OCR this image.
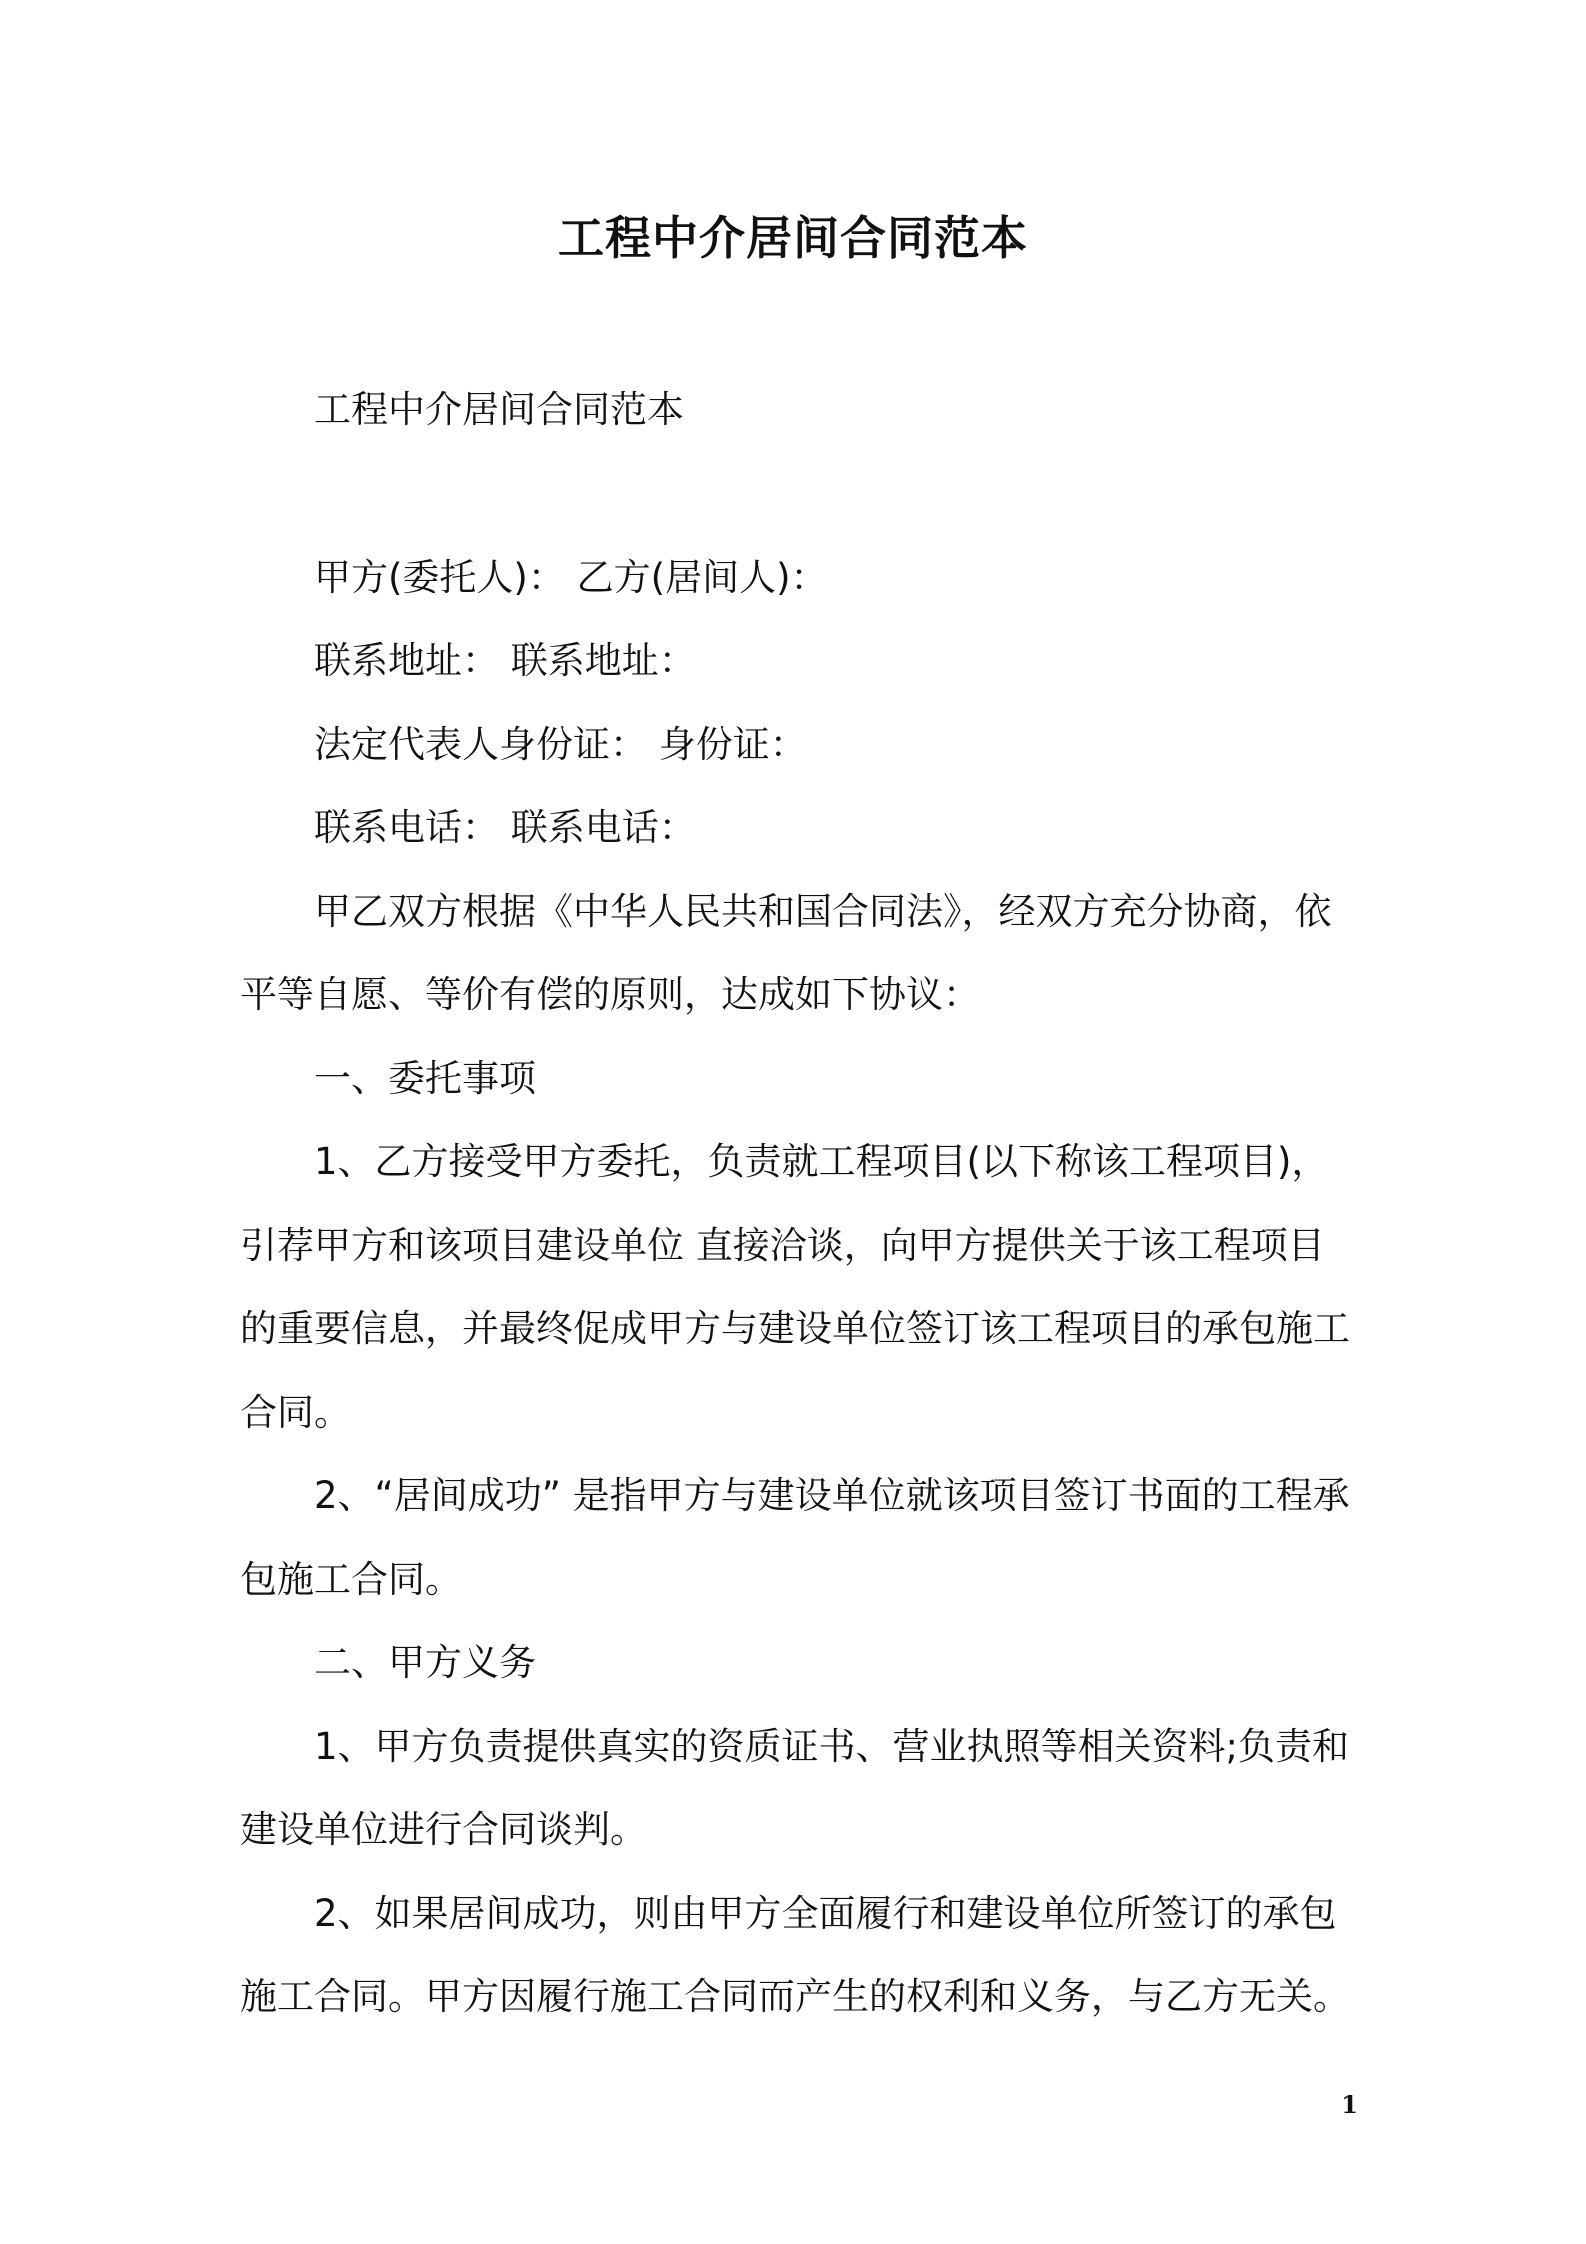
工程中介居间合同范本

工程中介居间合同范本

甲方(委托人)： 乙方(居间人)：

联系地址： 联系地址：

法定代表人身份证： 身份证：

联系电话： 联系电话：

甲乙双方根据《中华人民共和国合同法》，经双方充分协商，依平等自愿、等价有偿的原则，达成如下协议：

一、委托事项

1、乙方接受甲方委托，负责就工程项目(以下称该工程项目)，引荐甲方和该项目建设单位 直接洽谈，向甲方提供关于该工程项目的重要信息，并最终促成甲方与建设单位签订该工程项目的承包施工合同。

2、“居间成功” 是指甲方与建设单位就该项目签订书面的工程承包施工合同。

二、甲方义务

1、甲方负责提供真实的资质证书、营业执照等相关资料;负责和建设单位进行合同谈判。

2、如果居间成功，则由甲方全面履行和建设单位所签订的承包施工合同。甲方因履行施工合同而产生的权利和义务，与乙方无关。

1
